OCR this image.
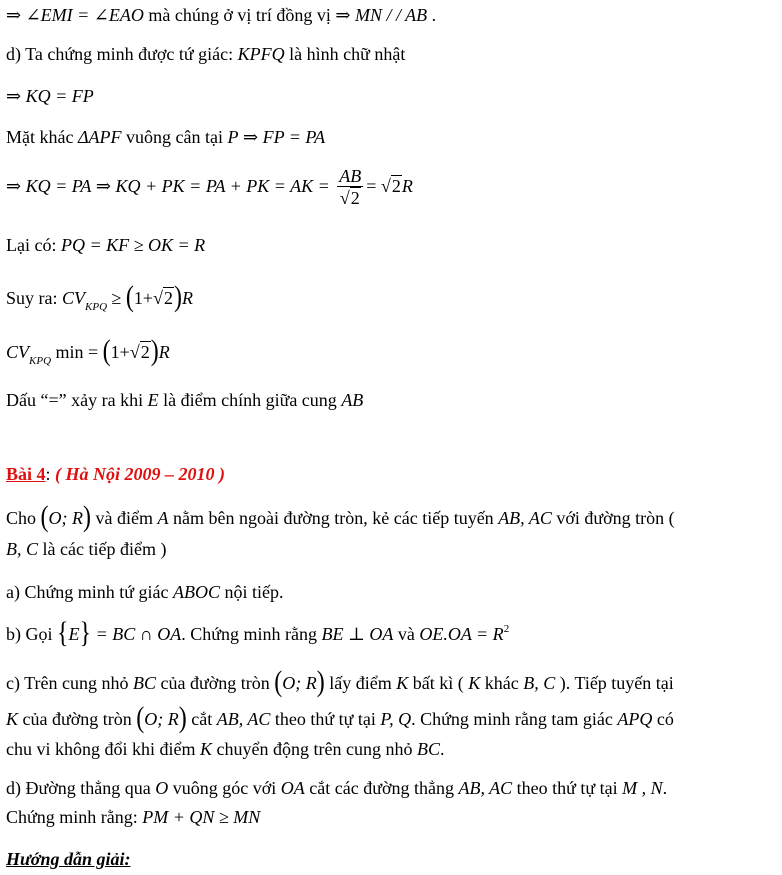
⇒ ∠EMI = ∠EAO mà chúng ở vị trí đồng vị ⇒ MN / / AB .
d) Ta chứng minh được tứ giác: KPFQ là hình chữ nhật
⇒ KQ = FP
Mặt khác ΔAPF vuông cân tại P ⇒ FP = PA
⇒ KQ = PA ⇒ KQ + PK = PA + PK = AK = $\frac{AB}{√2} = √2R$
Lại có: PQ = KF ≥ OK = R
Suy ra: $CV_{KPQ} \ge (1+√2)R$
$CV_{KPQ}$ min = (1+√2)R
Dấu “=” xảy ra khi E là điểm chính giữa cung AB
Bài 4: ( Hà Nội 2009 – 2010 )
Cho (O; R) và điểm A nằm bên ngoài đường tròn, kẻ các tiếp tuyến AB, AC với đường tròn (
B, C là các tiếp điểm )
a) Chứng minh tứ giác ABOC nội tiếp.
b) Gọi {E} = BC ∩ OA. Chứng minh rằng BE ⊥ OA và $OE.OA = R^2$
c) Trên cung nhỏ BC của đường tròn (O; R) lấy điểm K bất kì ( K khác B, C ). Tiếp tuyến tại
K của đường tròn (O; R) cắt AB, AC theo thứ tự tại P, Q. Chứng minh rằng tam giác APQ có
chu vi không đổi khi điểm K chuyển động trên cung nhỏ BC.
d) Đường thẳng qua O vuông góc với OA cắt các đường thẳng AB, AC theo thứ tự tại M , N.
Chứng minh rằng: PM + QN ≥ MN
Hướng dẫn giải:
